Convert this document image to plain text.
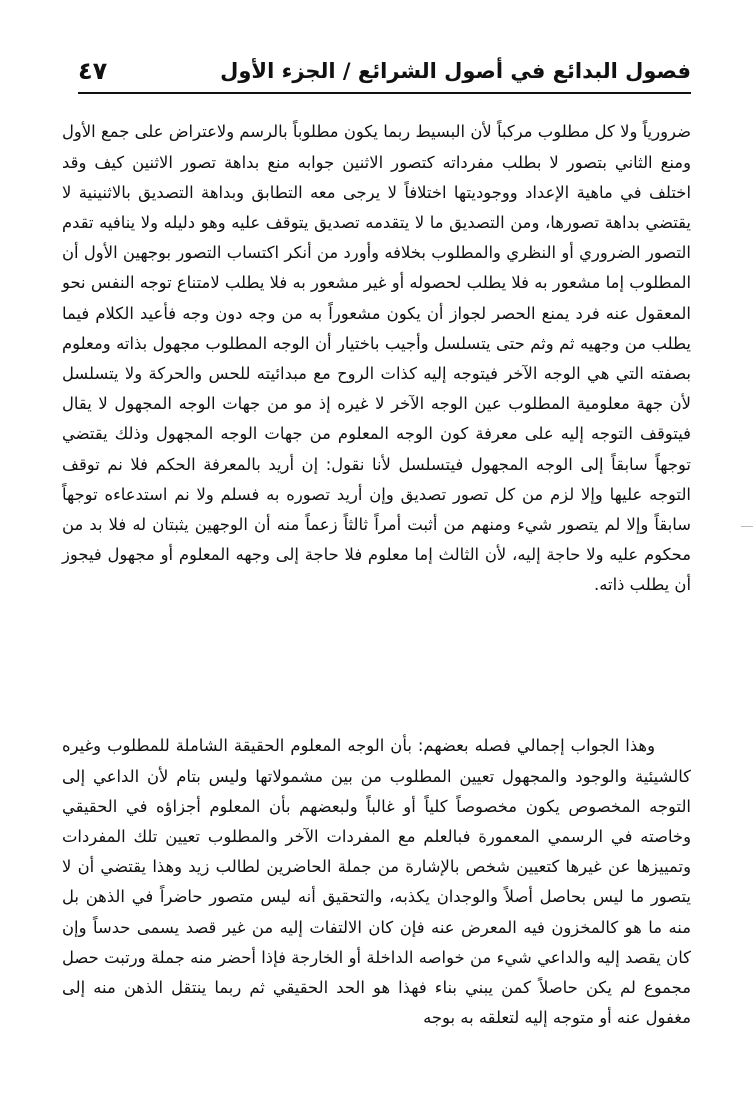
فصول البدائع في أصول الشرائع / الجزء الأول
٤٧

ضرورياً ولا كل مطلوب مركباً لأن البسيط ربما يكون مطلوباً بالرسم ولاعتراض على جمع الأول ومنع الثاني بتصور لا بطلب مفرداته كتصور الاثنين جوابه منع بداهة تصور الاثنين كيف وقد اختلف في ماهية الإعداد ووجوديتها اختلافاً لا يرجى معه التطابق وبداهة التصديق بالاثنينية لا يقتضي بداهة تصورها، ومن التصديق ما لا يتقدمه تصديق يتوقف عليه وهو دليله ولا ينافيه تقدم التصور الضروري أو النظري والمطلوب بخلافه وأورد من أنكر اكتساب التصور بوجهين الأول أن المطلوب إما مشعور به فلا يطلب لحصوله أو غير مشعور به فلا يطلب لامتناع توجه النفس نحو المعقول عنه فرد يمنع الحصر لجواز أن يكون مشعوراً به من وجه دون وجه فأعيد الكلام فيما يطلب من وجهيه ثم وثم حتى يتسلسل وأجيب باختيار أن الوجه المطلوب مجهول بذاته ومعلوم بصفته التي هي الوجه الآخر فيتوجه إليه كذات الروح مع مبدائيته للحس والحركة ولا يتسلسل لأن جهة معلومية المطلوب عين الوجه الآخر لا غيره إذ مو من جهات الوجه المجهول لا يقال فيتوقف التوجه إليه على معرفة كون الوجه المعلوم من جهات الوجه المجهول وذلك يقتضي توجهاً سابقاً إلى الوجه المجهول فيتسلسل لأنا نقول: إن أريد بالمعرفة الحكم فلا نم توقف التوجه عليها وإلا لزم من كل تصور تصديق وإن أريد تصوره به فسلم ولا نم استدعاءه توجهاً سابقاً وإلا لم يتصور شيء ومنهم من أثبت أمراً ثالثاً زعماً منه أن الوجهين يثبتان له فلا بد من محكوم عليه ولا حاجة إليه، لأن الثالث إما معلوم فلا حاجة إلى وجهه المعلوم أو مجهول فيجوز أن يطلب ذاته.

وهذا الجواب إجمالي فصله بعضهم: بأن الوجه المعلوم الحقيقة الشاملة للمطلوب وغيره كالشيئية والوجود والمجهول تعيين المطلوب من بين مشمولاتها وليس بتام لأن الداعي إلى التوجه المخصوص يكون مخصوصاً كلياً أو غالباً ولبعضهم بأن المعلوم أجزاؤه في الحقيقي وخاصته في الرسمي المعمورة فبالعلم مع المفردات الآخر والمطلوب تعيين تلك المفردات وتمييزها عن غيرها كتعيين شخص بالإشارة من جملة الحاضرين لطالب زيد وهذا يقتضي أن لا يتصور ما ليس بحاصل أصلاً والوجدان يكذبه، والتحقيق أنه ليس متصور حاضراً في الذهن بل منه ما هو كالمخزون فيه المعرض عنه فإن كان الالتفات إليه من غير قصد يسمى حدساً وإن كان يقصد إليه والداعي شيء من خواصه الداخلة أو الخارجة فإذا أحضر منه جملة ورتبت حصل مجموع لم يكن حاصلاً كمن يبني بناء فهذا هو الحد الحقيقي ثم ربما ينتقل الذهن منه إلى مغفول عنه أو متوجه إليه لتعلقه به بوجه
